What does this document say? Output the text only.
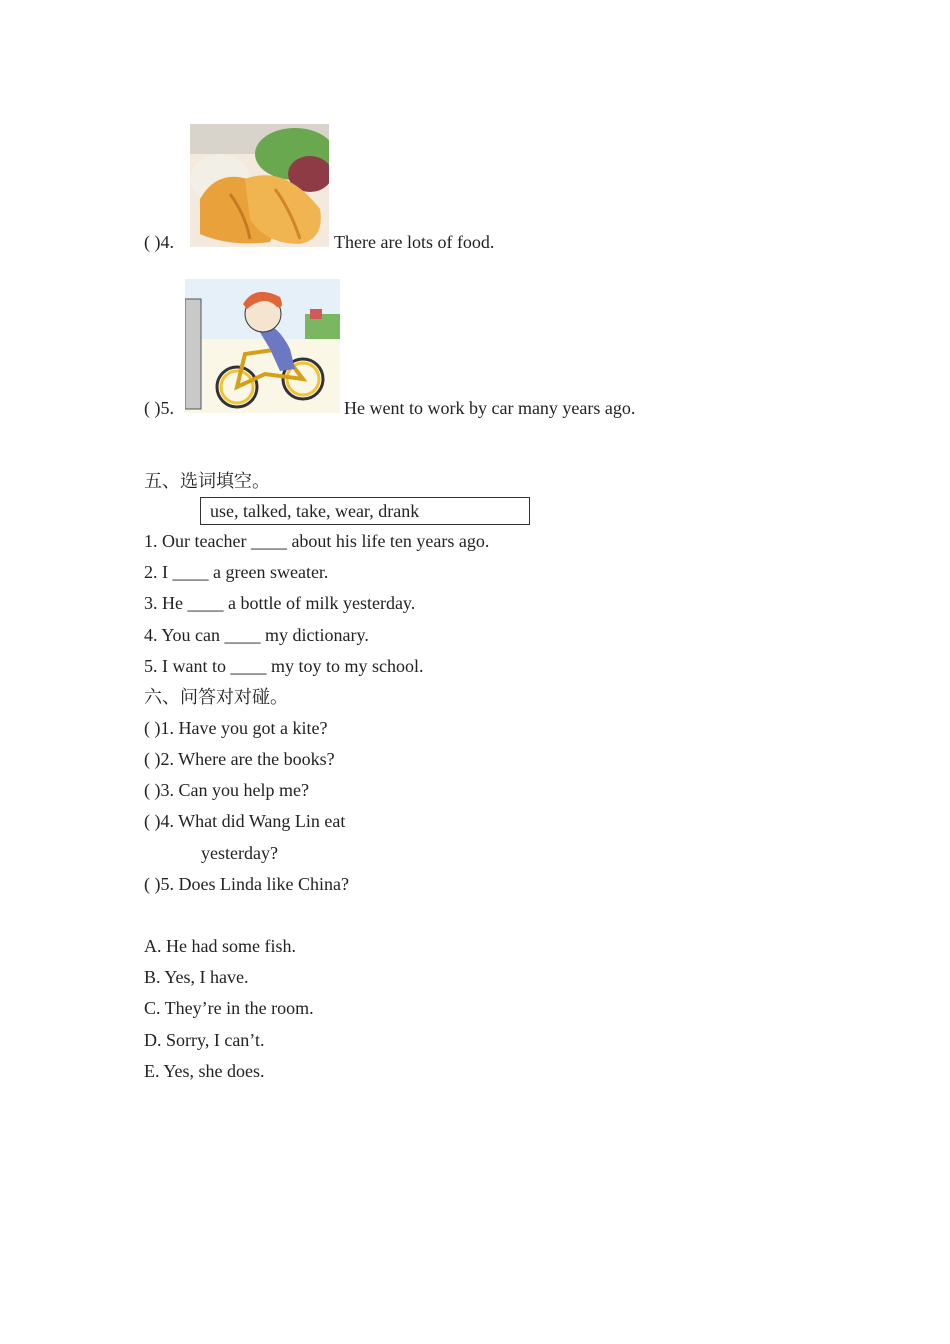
( )4.	There are lots of food.
( )5.	He went to work by car many years ago.
五、选词填空。
use, talked, take, wear, drank
1. Our teacher ____ about his life ten years ago.
2. I ____ a green sweater.
3. He ____ a bottle of milk yesterday.
4. You can ____ my dictionary.
5. I want to ____ my toy to my school.
六、问答对对碰。
( )1. Have you got a kite?
( )2. Where are the books?
( )3. Can you help me?
( )4. What did Wang Lin eat
yesterday?
( )5. Does Linda like China?
A. He had some fish.
B. Yes, I have.
C. They’re in the room.
D. Sorry, I can’t.
E. Yes, she does.
